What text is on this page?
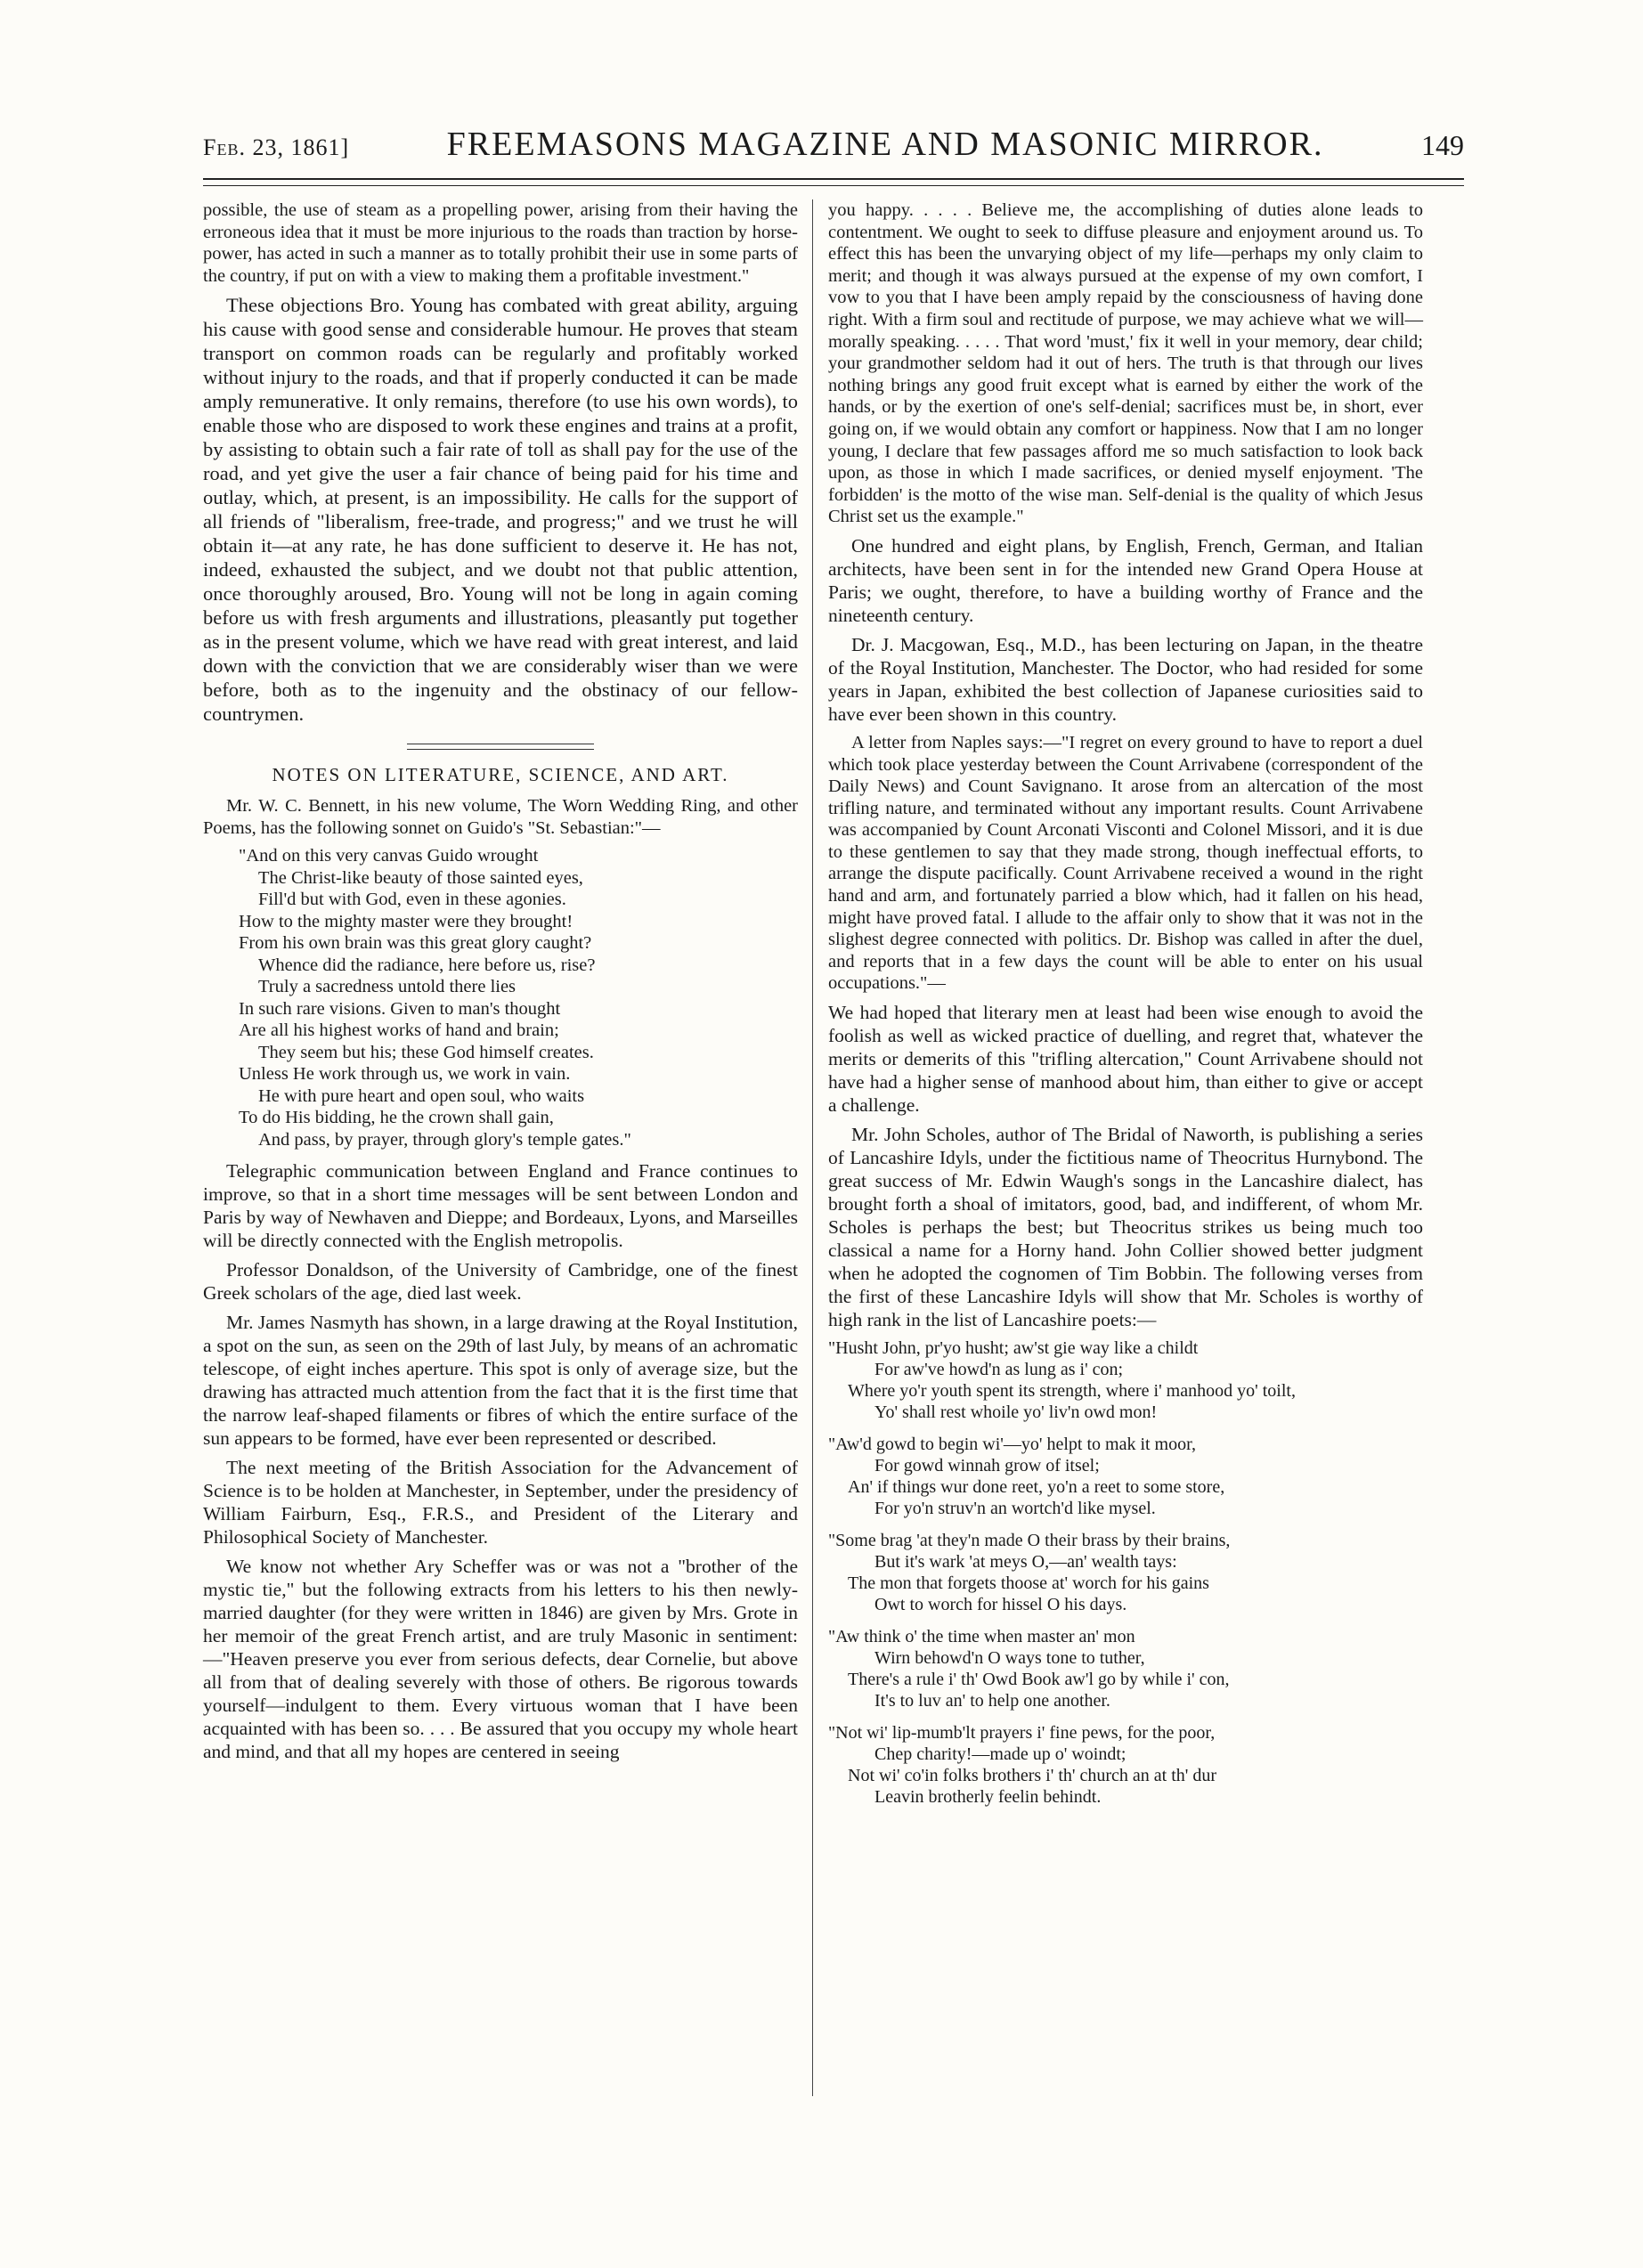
Feb. 23, 1861]	FREEMASONS MAGAZINE AND MASONIC MIRROR.	149

possible, the use of steam as a propelling power, arising from their having the erroneous idea that it must be more injurious to the roads than traction by horse-power, has acted in such a manner as to totally prohibit their use in some parts of the country, if put on with a view to making them a profitable investment."

These objections Bro. Young has combated with great ability, arguing his cause with good sense and considerable humour. He proves that steam transport on common roads can be regularly and profitably worked without injury to the roads, and that if properly conducted it can be made amply remunerative. It only remains, therefore (to use his own words), to enable those who are disposed to work these engines and trains at a profit, by assisting to obtain such a fair rate of toll as shall pay for the use of the road, and yet give the user a fair chance of being paid for his time and outlay, which, at present, is an impossibility. He calls for the support of all friends of "liberalism, free-trade, and progress;" and we trust he will obtain it—at any rate, he has done sufficient to deserve it. He has not, indeed, exhausted the subject, and we doubt not that public attention, once thoroughly aroused, Bro. Young will not be long in again coming before us with fresh arguments and illustrations, pleasantly put together as in the present volume, which we have read with great interest, and laid down with the conviction that we are considerably wiser than we were before, both as to the ingenuity and the obstinacy of our fellow-countrymen.

NOTES ON LITERATURE, SCIENCE, AND ART.

Mr. W. C. Bennett, in his new volume, The Worn Wedding Ring, and other Poems, has the following sonnet on Guido's "St. Sebastian:"—

"And on this very canvas Guido wrought
The Christ-like beauty of those sainted eyes,
Fill'd but with God, even in these agonies.
How to the mighty master were they brought!
From his own brain was this great glory caught?
Whence did the radiance, here before us, rise?
Truly a sacredness untold there lies
In such rare visions. Given to man's thought
Are all his highest works of hand and brain;
They seem but his; these God himself creates.
Unless He work through us, we work in vain.
He with pure heart and open soul, who waits
To do His bidding, he the crown shall gain,
And pass, by prayer, through glory's temple gates."

Telegraphic communication between England and France continues to improve, so that in a short time messages will be sent between London and Paris by way of Newhaven and Dieppe; and Bordeaux, Lyons, and Marseilles will be directly connected with the English metropolis.

Professor Donaldson, of the University of Cambridge, one of the finest Greek scholars of the age, died last week.

Mr. James Nasmyth has shown, in a large drawing at the Royal Institution, a spot on the sun, as seen on the 29th of last July, by means of an achromatic telescope, of eight inches aperture. This spot is only of average size, but the drawing has attracted much attention from the fact that it is the first time that the narrow leaf-shaped filaments or fibres of which the entire surface of the sun appears to be formed, have ever been represented or described.

The next meeting of the British Association for the Advancement of Science is to be holden at Manchester, in September, under the presidency of William Fairburn, Esq., F.R.S., and President of the Literary and Philosophical Society of Manchester.

We know not whether Ary Scheffer was or was not a "brother of the mystic tie," but the following extracts from his letters to his then newly-married daughter (for they were written in 1846) are given by Mrs. Grote in her memoir of the great French artist, and are truly Masonic in sentiment:—"Heaven preserve you ever from serious defects, dear Cornelie, but above all from that of dealing severely with those of others. Be rigorous towards yourself—indulgent to them. Every virtuous woman that I have been acquainted with has been so. . . . Be assured that you occupy my whole heart and mind, and that all my hopes are centered in seeing

you happy. . . . . Believe me, the accomplishing of duties alone leads to contentment. We ought to seek to diffuse pleasure and enjoyment around us. To effect this has been the unvarying object of my life—perhaps my only claim to merit; and though it was always pursued at the expense of my own comfort, I vow to you that I have been amply repaid by the consciousness of having done right. With a firm soul and rectitude of purpose, we may achieve what we will—morally speaking. . . . . That word 'must,' fix it well in your memory, dear child; your grandmother seldom had it out of hers. The truth is that through our lives nothing brings any good fruit except what is earned by either the work of the hands, or by the exertion of one's self-denial; sacrifices must be, in short, ever going on, if we would obtain any comfort or happiness. Now that I am no longer young, I declare that few passages afford me so much satisfaction to look back upon, as those in which I made sacrifices, or denied myself enjoyment. 'The forbidden' is the motto of the wise man. Self-denial is the quality of which Jesus Christ set us the example."

One hundred and eight plans, by English, French, German, and Italian architects, have been sent in for the intended new Grand Opera House at Paris; we ought, therefore, to have a building worthy of France and the nineteenth century.

Dr. J. Macgowan, Esq., M.D., has been lecturing on Japan, in the theatre of the Royal Institution, Manchester. The Doctor, who had resided for some years in Japan, exhibited the best collection of Japanese curiosities said to have ever been shown in this country.

A letter from Naples says:—"I regret on every ground to have to report a duel which took place yesterday between the Count Arrivabene (correspondent of the Daily News) and Count Savignano. It arose from an altercation of the most trifling nature, and terminated without any important results. Count Arrivabene was accompanied by Count Arconati Visconti and Colonel Missori, and it is due to these gentlemen to say that they made strong, though ineffectual efforts, to arrange the dispute pacifically. Count Arrivabene received a wound in the right hand and arm, and fortunately parried a blow which, had it fallen on his head, might have proved fatal. I allude to the affair only to show that it was not in the slighest degree connected with politics. Dr. Bishop was called in after the duel, and reports that in a few days the count will be able to enter on his usual occupations."—

We had hoped that literary men at least had been wise enough to avoid the foolish as well as wicked practice of duelling, and regret that, whatever the merits or demerits of this "trifling altercation," Count Arrivabene should not have had a higher sense of manhood about him, than either to give or accept a challenge.

Mr. John Scholes, author of The Bridal of Naworth, is publishing a series of Lancashire Idyls, under the fictitious name of Theocritus Hurnybond. The great success of Mr. Edwin Waugh's songs in the Lancashire dialect, has brought forth a shoal of imitators, good, bad, and indifferent, of whom Mr. Scholes is perhaps the best; but Theocritus strikes us being much too classical a name for a Horny hand. John Collier showed better judgment when he adopted the cognomen of Tim Bobbin. The following verses from the first of these Lancashire Idyls will show that Mr. Scholes is worthy of high rank in the list of Lancashire poets:—

"Husht John, pr'yo husht; aw'st gie way like a childt
For aw've howd'n as lung as i' con;
Where yo'r youth spent its strength, where i' manhood yo' toilt,
Yo' shall rest whoile yo' liv'n owd mon!
"Aw'd gowd to begin wi'—yo' helpt to mak it moor,
For gowd winnah grow of itsel;
An' if things wur done reet, yo'n a reet to some store,
For yo'n struv'n an wortch'd like mysel.
"Some brag 'at they'n made O their brass by their brains,
But it's wark 'at meys O,—an' wealth tays:
The mon that forgets thoose at' worch for his gains
Owt to worch for hissel O his days.
"Aw think o' the time when master an' mon
Wirn behowd'n O ways tone to tuther,
There's a rule i' th' Owd Book aw'l go by while i' con,
It's to luv an' to help one another.
"Not wi' lip-mumb'lt prayers i' fine pews, for the poor,
Chep charity!—made up o' woindt;
Not wi' co'in folks brothers i' th' church an at th' dur
Leavin brotherly feelin behindt.
